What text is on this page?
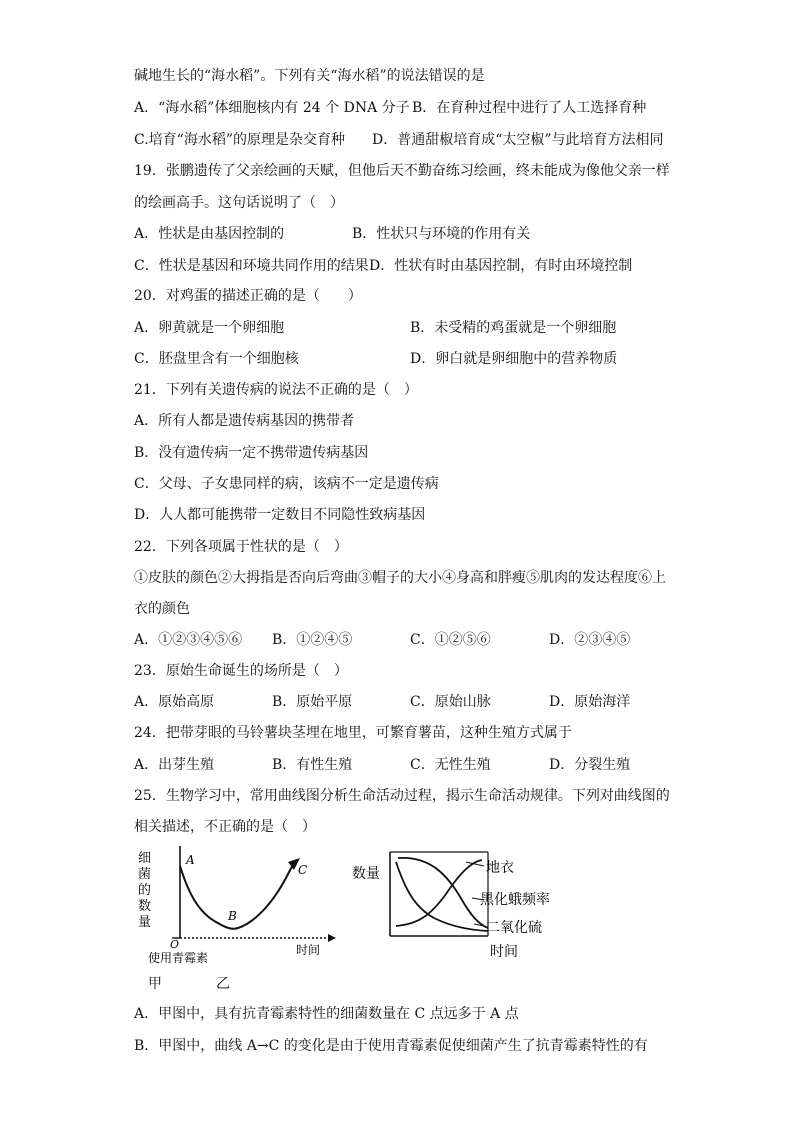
碱地生长的“海水稻”。下列有关“海水稻”的说法错误的是
A．“海水稻”体细胞核内有 24 个 DNA 分子 B．在育种过程中进行了人工选择育种
C.培育“海水稻”的原理是杂交育种 D．普通甜椒培育成“太空椒”与此培育方法相同
19．张鹏遗传了父亲绘画的天赋，但他后天不勤奋练习绘画，终未能成为像他父亲一样
的绘画高手。这句话说明了（　）
A．性状是由基因控制的	B．性状只与环境的作用有关
C．性状是基因和环境共同作用的结果 D．性状有时由基因控制，有时由环境控制
20．对鸡蛋的描述正确的是（　　）
A．卵黄就是一个卵细胞	B．未受精的鸡蛋就是一个卵细胞
C．胚盘里含有一个细胞核	D．卵白就是卵细胞中的营养物质
21．下列有关遗传病的说法不正确的是（　）
A．所有人都是遗传病基因的携带者
B．没有遗传病一定不携带遗传病基因
C．父母、子女患同样的病，该病不一定是遗传病
D．人人都可能携带一定数目不同隐性致病基因
22．下列各项属于性状的是（　）
①皮肤的颜色②大拇指是否向后弯曲③帽子的大小④身高和胖瘦⑤肌肉的发达程度⑥上
衣的颜色
A．①②③④⑤⑥ B．①②④⑤	C．①②⑤⑥	D．②③④⑤
23．原始生命诞生的场所是（　）
A．原始高原	B．原始平原	C．原始山脉	D．原始海洋
24．把带芽眼的马铃薯块茎埋在地里，可繁育薯苗，这种生殖方式属于
A．出芽生殖	B．有性生殖	C．无性生殖	D．分裂生殖
25．生物学习中，常用曲线图分析生命活动过程，揭示生命活动规律。下列对曲线图的
相关描述，不正确的是（　）
细
菌
的
数
量
A
B
C
O
使用青霉素
时间
数量	地衣
黑化蛾频率
二氧化硫
时间
甲	乙
A．甲图中，具有抗青霉素特性的细菌数量在 C 点远多于 A 点
B．甲图中，曲线 A→C 的变化是由于使用青霉素促使细菌产生了抗青霉素特性的有
